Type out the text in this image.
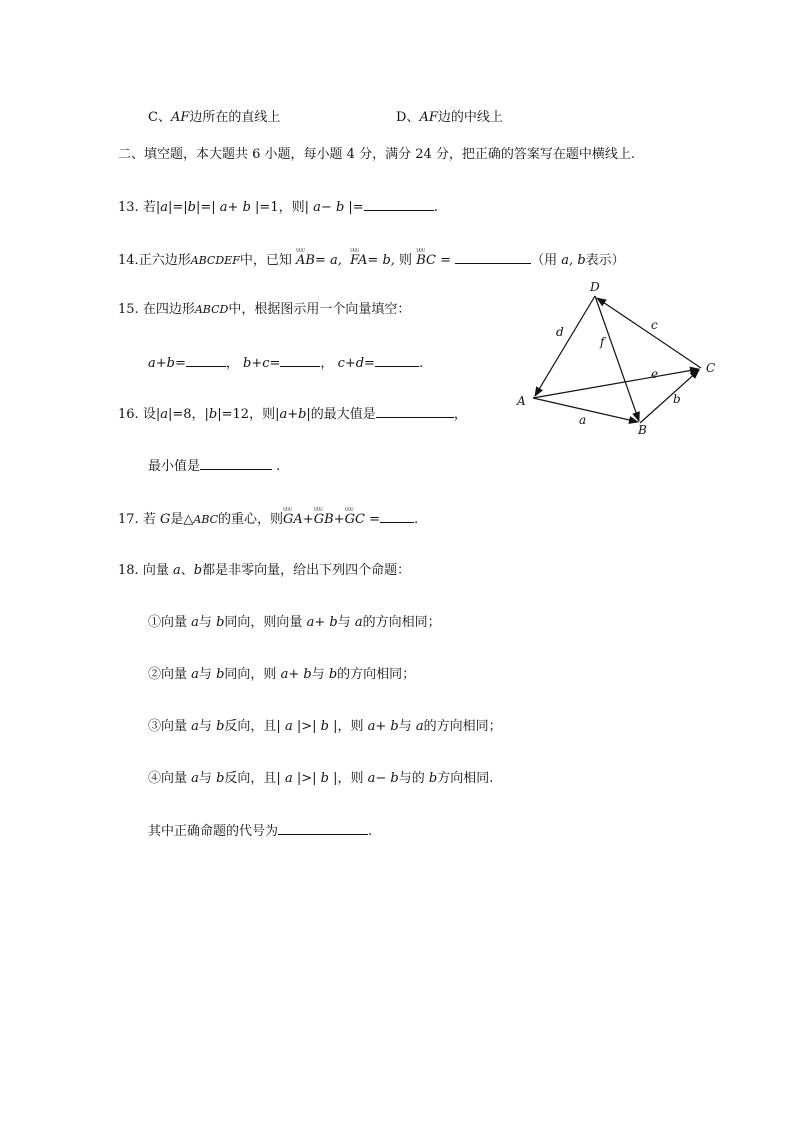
C、AF边所在的直线上	D、AF边的中线上
二、填空题，本大题共 6 小题，每小题 4 分，满分 24 分，把正确的答案写在题中横线上.
13. 若|a|=|b|=| a+ b |=1，则| a− b |=	.
14.正六边形ABCDEF中，已知 ᵁᵁᵁ AB= a, ᵁᵁᵁ FA= b, 则 ᵁᵁᵁ BC =	（用 a, b表示）
15. 在四边形ABCD中，根据图示用一个向量填空：
a+b=	， b+c=	， c+d=	.
16. 设|a|=8，|b|=12，则|a+b|的最大值是	，
最小值是	.
17. 若 G是△ABC的重心，则ᵁᵁᵁ GA+ᵁᵁᵁ GB+ᵁᵁᵁ GC =	.
18. 向量 a、b都是非零向量，给出下列四个命题：
①向量 a与 b同向，则向量 a+ b与 a的方向相同；
②向量 a与 b同向，则 a+ b与 b的方向相同；
③向量 a与 b反向，且| a |>| b |，则 a+ b与 a的方向相同；
④向量 a与 b反向，且| a |>| b |，则 a− b与的 b方向相同.
其中正确命题的代号为	.
D
C
A
B
d	c
f
e
b
a
